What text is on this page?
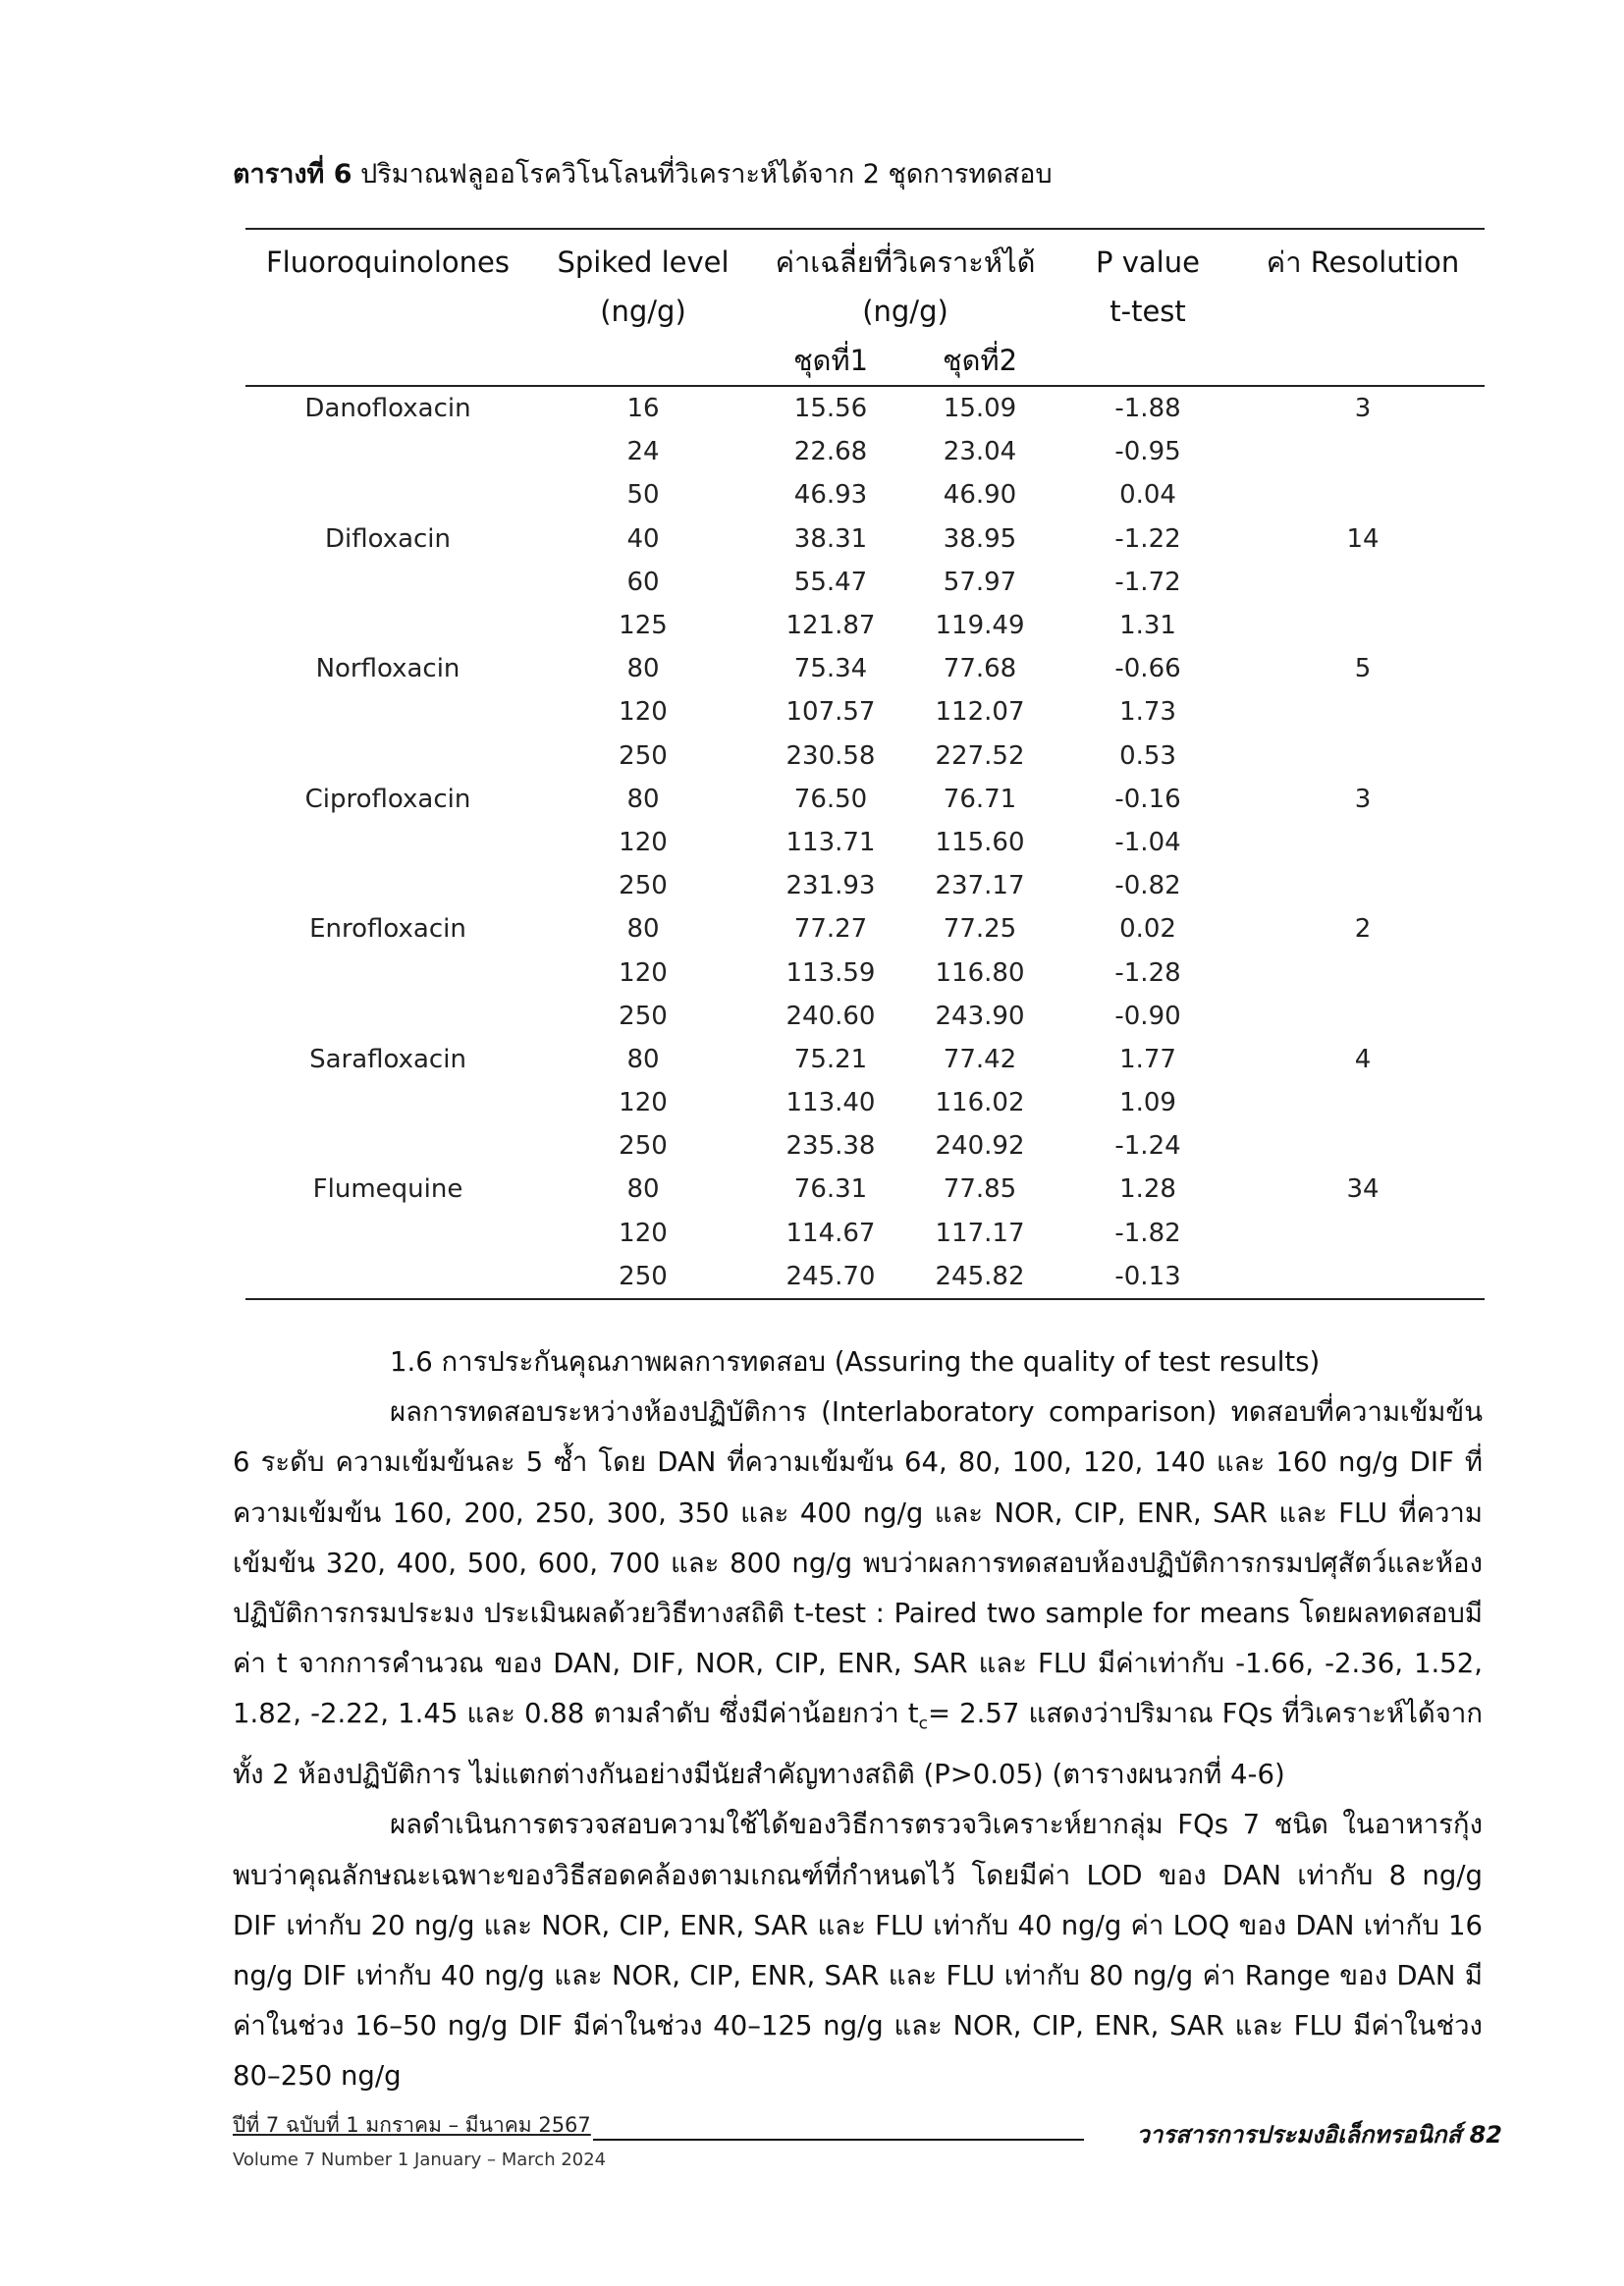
ตารางที่ 6 ปริมาณฟลูออโรควิโนโลนที่วิเคราะห์ได้จาก 2 ชุดการทดสอบ
Fluoroquinolones	Spiked level	ค่าเฉลี่ยที่วิเคราะห์ได้		P value	ค่า Resolution
	(ng/g)	(ng/g)		t-test	
		ชุดที่1	ชุดที่2		
Danofloxacin	16	15.56	15.09	-1.88	3
	24	22.68	23.04	-0.95	
	50	46.93	46.90	0.04	
Difloxacin	40	38.31	38.95	-1.22	14
	60	55.47	57.97	-1.72	
	125	121.87	119.49	1.31	
Norfloxacin	80	75.34	77.68	-0.66	5
	120	107.57	112.07	1.73	
	250	230.58	227.52	0.53	
Ciprofloxacin	80	76.50	76.71	-0.16	3
	120	113.71	115.60	-1.04	
	250	231.93	237.17	-0.82	
Enrofloxacin	80	77.27	77.25	0.02	2
	120	113.59	116.80	-1.28	
	250	240.60	243.90	-0.90	
Sarafloxacin	80	75.21	77.42	1.77	4
	120	113.40	116.02	1.09	
	250	235.38	240.92	-1.24	
Flumequine	80	76.31	77.85	1.28	34
	120	114.67	117.17	-1.82	
	250	245.70	245.82	-0.13	

1.6 การประกันคุณภาพผลการทดสอบ (Assuring the quality of test results)

ผลการทดสอบระหว่างห้องปฏิบัติการ (Interlaboratory comparison) ทดสอบที่ความเข้มข้น 6 ระดับ ความเข้มข้นละ 5 ซ้ำ โดย DAN ที่ความเข้มข้น 64, 80, 100, 120, 140 และ 160 ng/g DIF ที่ความเข้มข้น 160, 200, 250, 300, 350 และ 400 ng/g และ NOR, CIP, ENR, SAR และ FLU ที่ความเข้มข้น 320, 400, 500, 600, 700 และ 800 ng/g พบว่าผลการทดสอบห้องปฏิบัติการกรมปศุสัตว์และห้องปฏิบัติการกรมประมง ประเมินผลด้วยวิธีทางสถิติ t-test : Paired two sample for means โดยผลทดสอบมีค่า t จากการคำนวณ ของ DAN, DIF, NOR, CIP, ENR, SAR และ FLU มีค่าเท่ากับ -1.66, -2.36, 1.52, 1.82, -2.22, 1.45 และ 0.88 ตามลำดับ ซึ่งมีค่าน้อยกว่า $t_c= 2.57$ แสดงว่าปริมาณ FQs ที่วิเคราะห์ได้จากทั้ง 2 ห้องปฏิบัติการ ไม่แตกต่างกันอย่างมีนัยสำคัญทางสถิติ (P>0.05) (ตารางผนวกที่ 4-6)

ผลดำเนินการตรวจสอบความใช้ได้ของวิธีการตรวจวิเคราะห์ยากลุ่ม FQs 7 ชนิด ในอาหารกุ้ง พบว่าคุณลักษณะเฉพาะของวิธีสอดคล้องตามเกณฑ์ที่กำหนดไว้ โดยมีค่า LOD ของ DAN เท่ากับ 8 ng/g DIF เท่ากับ 20 ng/g และ NOR, CIP, ENR, SAR และ FLU เท่ากับ 40 ng/g ค่า LOQ ของ DAN เท่ากับ 16 ng/g DIF เท่ากับ 40 ng/g และ NOR, CIP, ENR, SAR และ FLU เท่ากับ 80 ng/g ค่า Range ของ DAN มีค่าในช่วง 16–50 ng/g DIF มีค่าในช่วง 40–125 ng/g และ NOR, CIP, ENR, SAR และ FLU มีค่าในช่วง 80–250 ng/g

ปีที่ 7 ฉบับที่ 1 มกราคม – มีนาคม 2567
Volume 7 Number 1 January – March 2024
วารสารการประมงอิเล็กทรอนิกส์ 82
